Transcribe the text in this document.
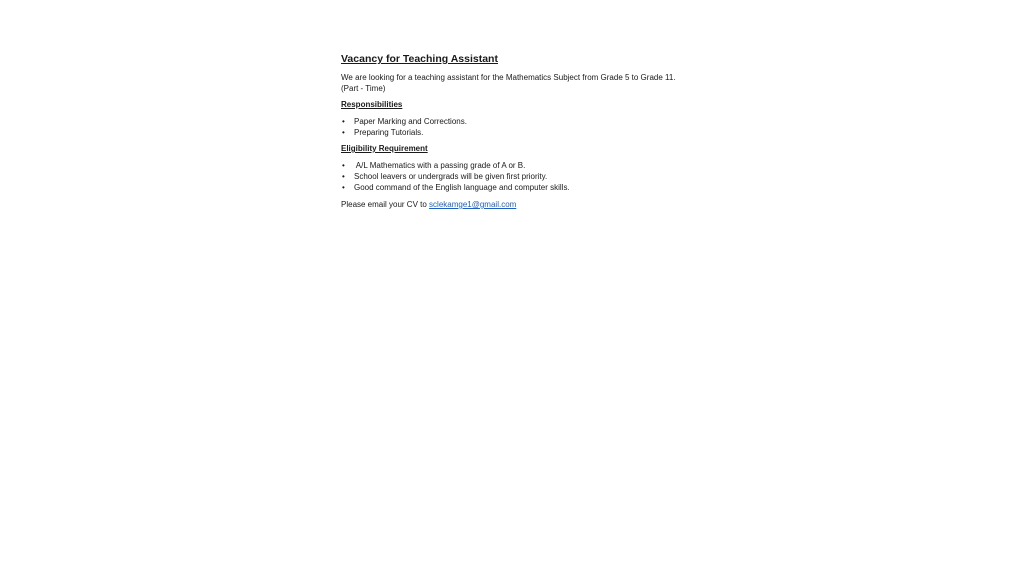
Vacancy for Teaching Assistant

We are looking for a teaching assistant for the Mathematics Subject from Grade 5 to Grade 11.

(Part - Time)

Responsibilities
• Paper Marking and Corrections.
• Preparing Tutorials.
Eligibility Requirement
• A/L Mathematics with a passing grade of A or B.
• School leavers or undergrads will be given first priority.
• Good command of the English language and computer skills.

Please email your CV to sclekamge1@gmail.com
